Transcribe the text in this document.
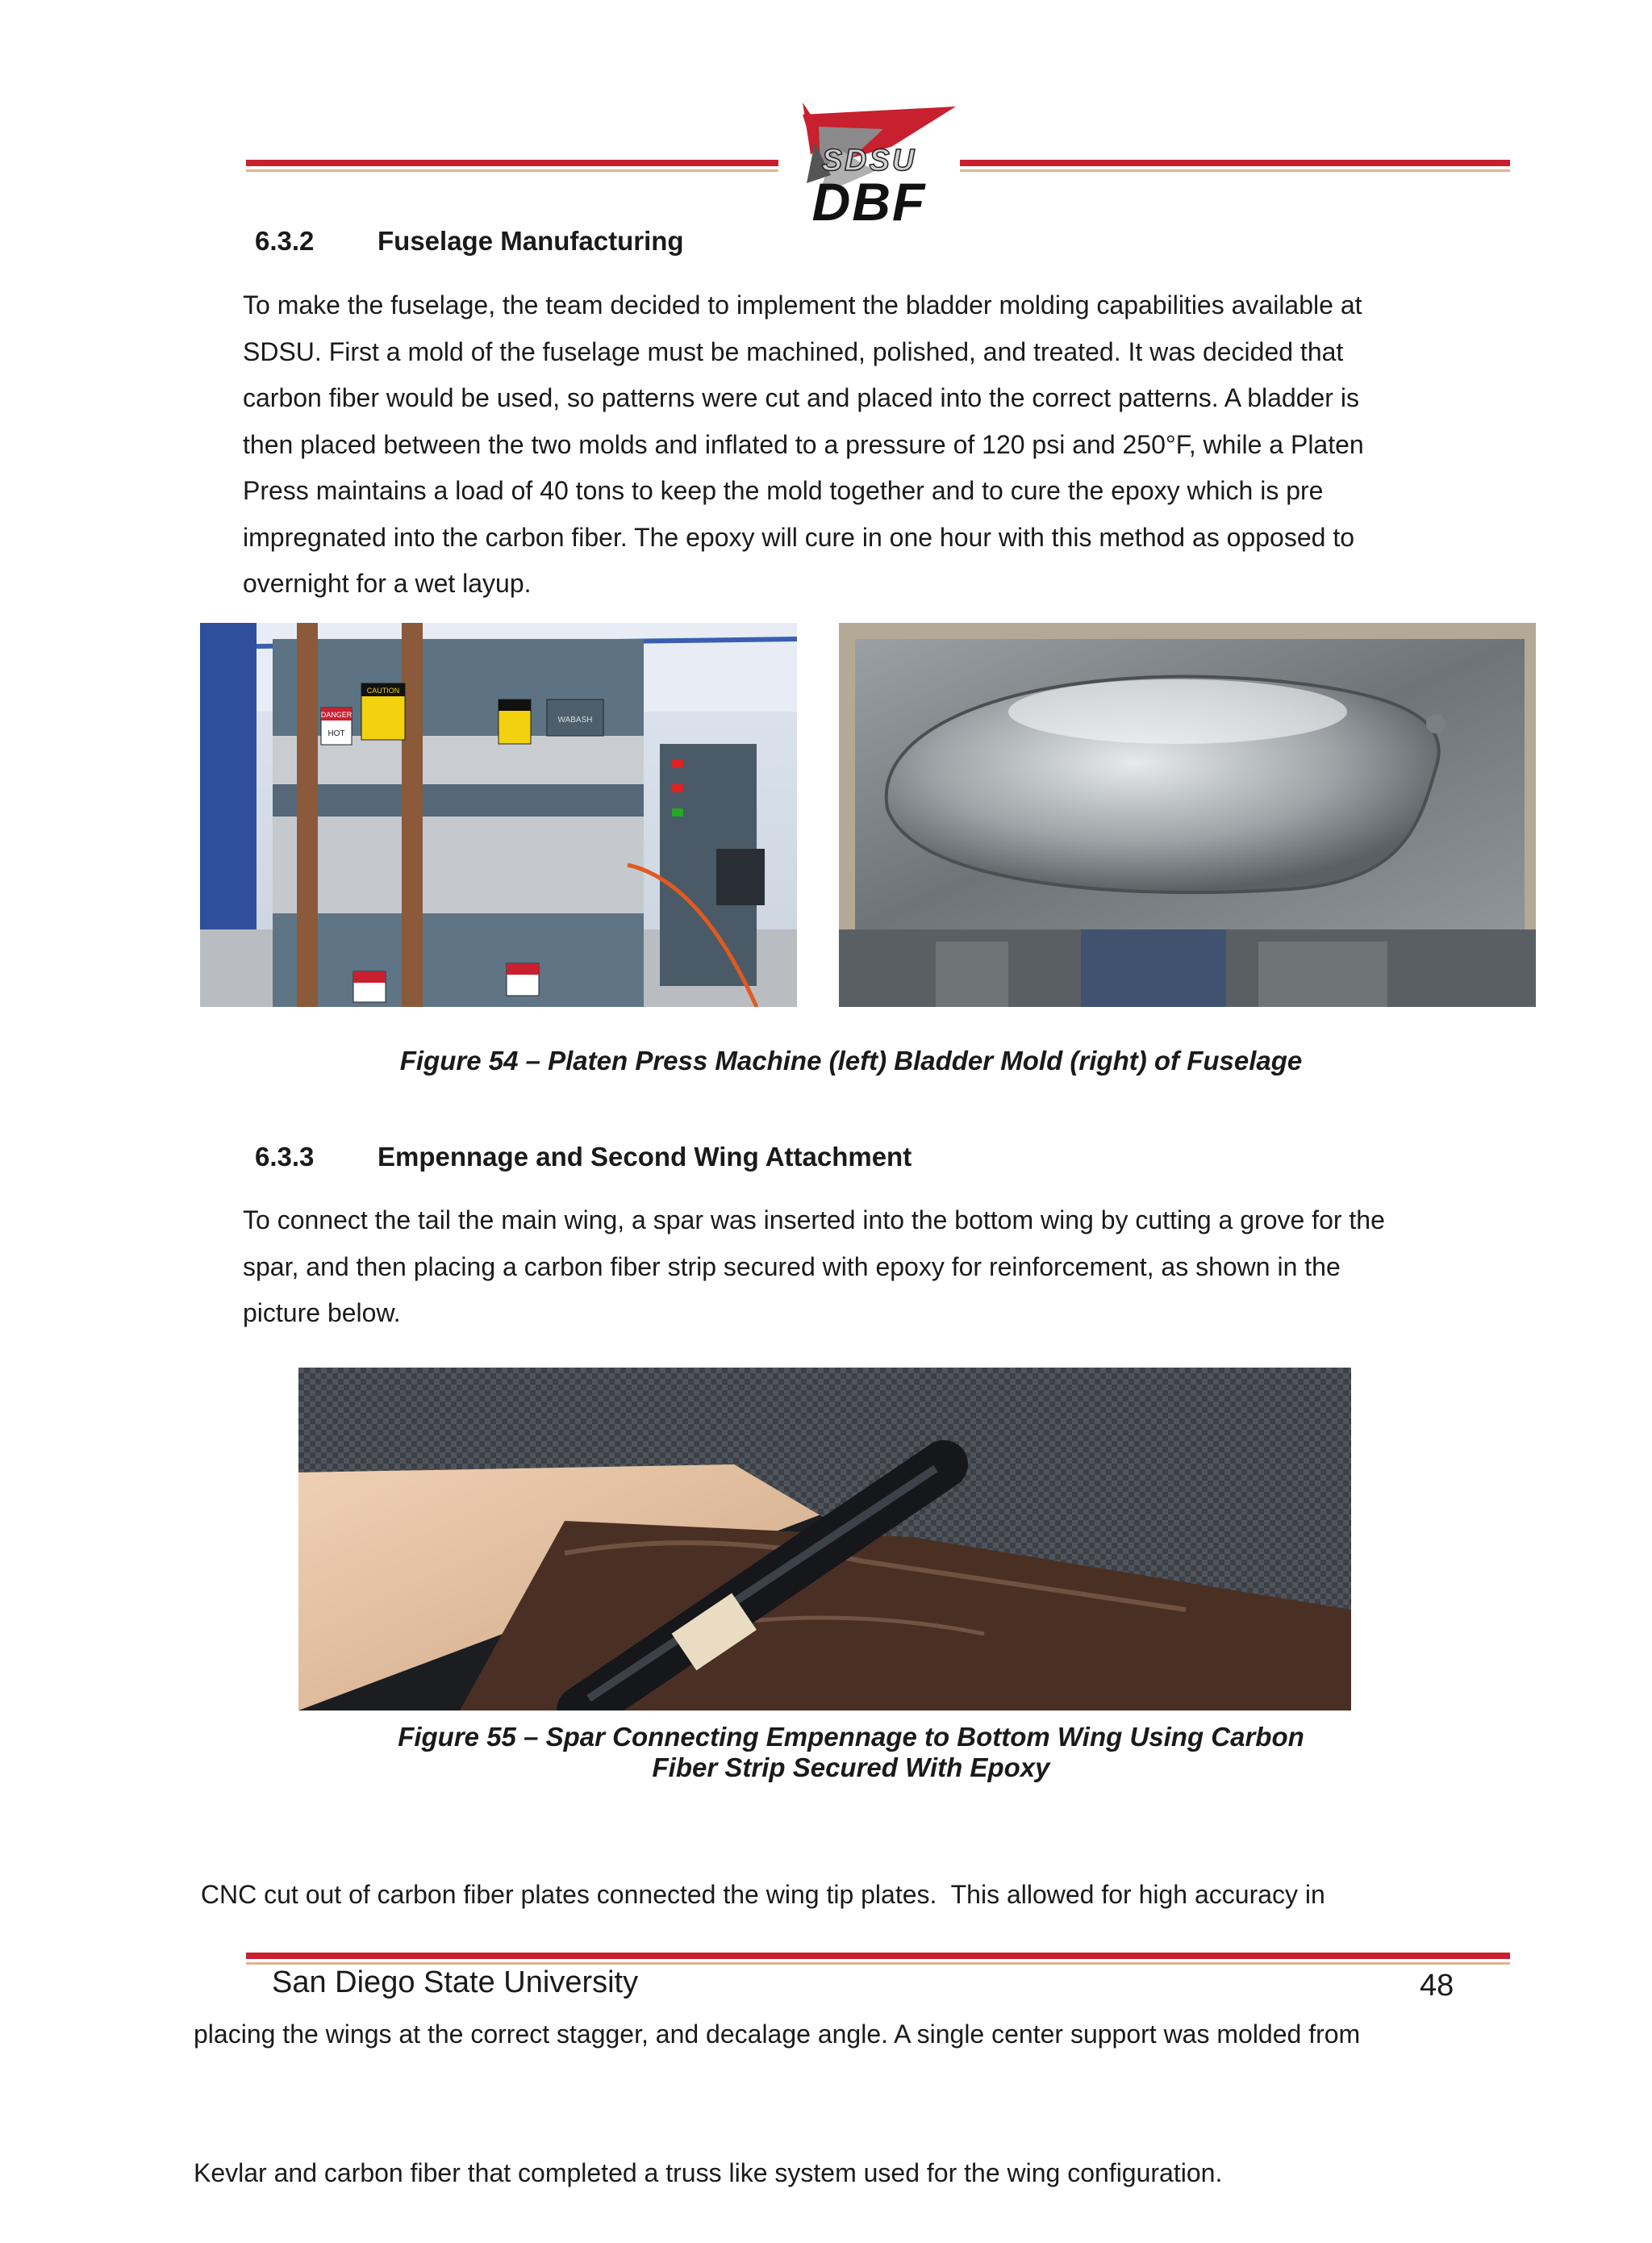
SDSU
DBF
6.3.2 Fuselage Manufacturing
To make the fuselage, the team decided to implement the bladder molding capabilities available at
SDSU. First a mold of the fuselage must be machined, polished, and treated. It was decided that
carbon fiber would be used, so patterns were cut and placed into the correct patterns. A bladder is
then placed between the two molds and inflated to a pressure of 120 psi and 250°F, while a Platen
Press maintains a load of 40 tons to keep the mold together and to cure the epoxy which is pre
impregnated into the carbon fiber. The epoxy will cure in one hour with this method as opposed to
overnight for a wet layup.
DANGER
HOT
CAUTION
WABASH
Figure 54 – Platen Press Machine (left) Bladder Mold (right) of Fuselage
6.3.3 Empennage and Second Wing Attachment
To connect the tail the main wing, a spar was inserted into the bottom wing by cutting a grove for the
spar, and then placing a carbon fiber strip secured with epoxy for reinforcement, as shown in the
picture below.
Figure 55 – Spar Connecting Empennage to Bottom Wing Using Carbon
Fiber Strip Secured With Epoxy

CNC cut out of carbon fiber plates connected the wing tip plates.  This allowed for high accuracy in

placing the wings at the correct stagger, and decalage angle. A single center support was molded from

Kevlar and carbon fiber that completed a truss like system used for the wing configuration.

San Diego State University	48
